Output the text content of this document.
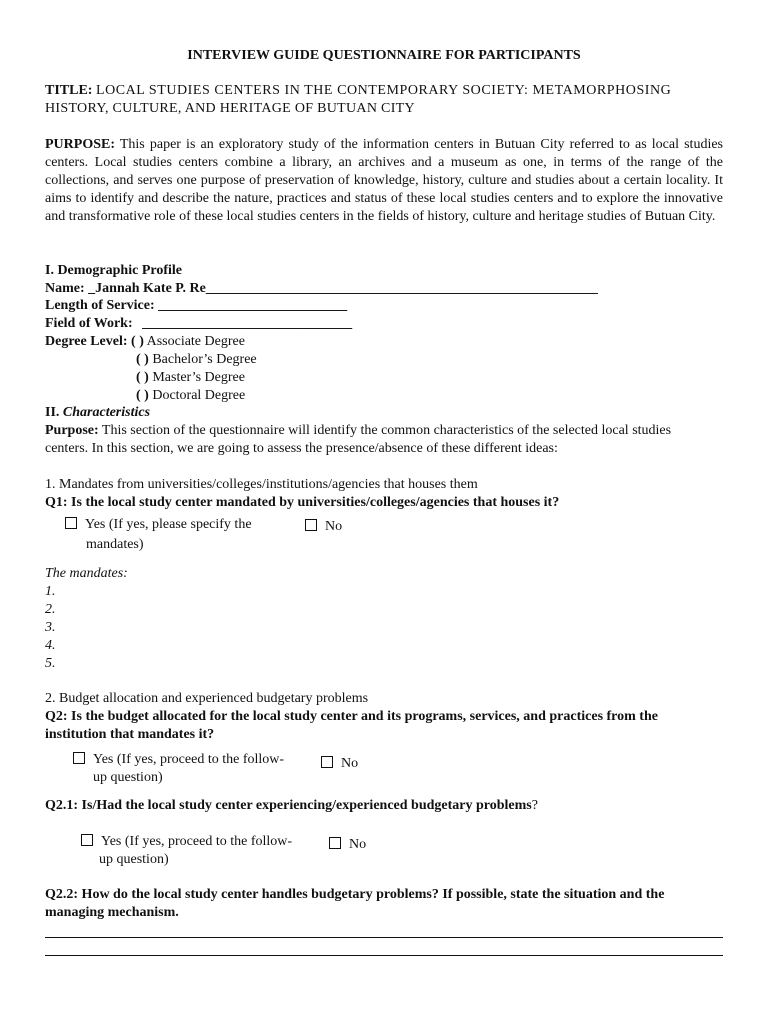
INTERVIEW GUIDE QUESTIONNAIRE FOR PARTICIPANTS
TITLE: LOCAL STUDIES CENTERS IN THE CONTEMPORARY SOCIETY: METAMORPHOSING
HISTORY, CULTURE, AND HERITAGE OF BUTUAN CITY
PURPOSE: This paper is an exploratory study of the information centers in Butuan City referred to as local studies centers. Local studies centers combine a library, an archives and a museum as one, in terms of the range of the collections, and serves one purpose of preservation of knowledge, history, culture and studies about a certain locality. It aims to identify and describe the nature, practices and status of these local studies centers and to explore the innovative and transformative role of these local studies centers in the fields of history, culture and heritage studies of Butuan City.
I. Demographic Profile
Name: _Jannah Kate P. Re________________________________________________________
Length of Service: ___________________________
Field of Work: ______________________________
Degree Level: ( ) Associate Degree
( ) Bachelor’s Degree
( ) Master’s Degree
( ) Doctoral Degree
II. Characteristics
Purpose: This section of the questionnaire will identify the common characteristics of the selected local studies
centers. In this section, we are going to assess the presence/absence of these different ideas:
1. Mandates from universities/colleges/institutions/agencies that houses them
Q1: Is the local study center mandated by universities/colleges/agencies that houses it?
Yes (If yes, please specify the
mandates)
No
The mandates:
1.
2.
3.
4.
5.
2. Budget allocation and experienced budgetary problems
Q2: Is the budget allocated for the local study center and its programs, services, and practices from the
institution that mandates it?
Yes (If yes, proceed to the follow-
up question)
No
Q2.1: Is/Had the local study center experiencing/experienced budgetary problems?
Yes (If yes, proceed to the follow-
up question)
No
Q2.2: How do the local study center handles budgetary problems? If possible, state the situation and the
managing mechanism.
